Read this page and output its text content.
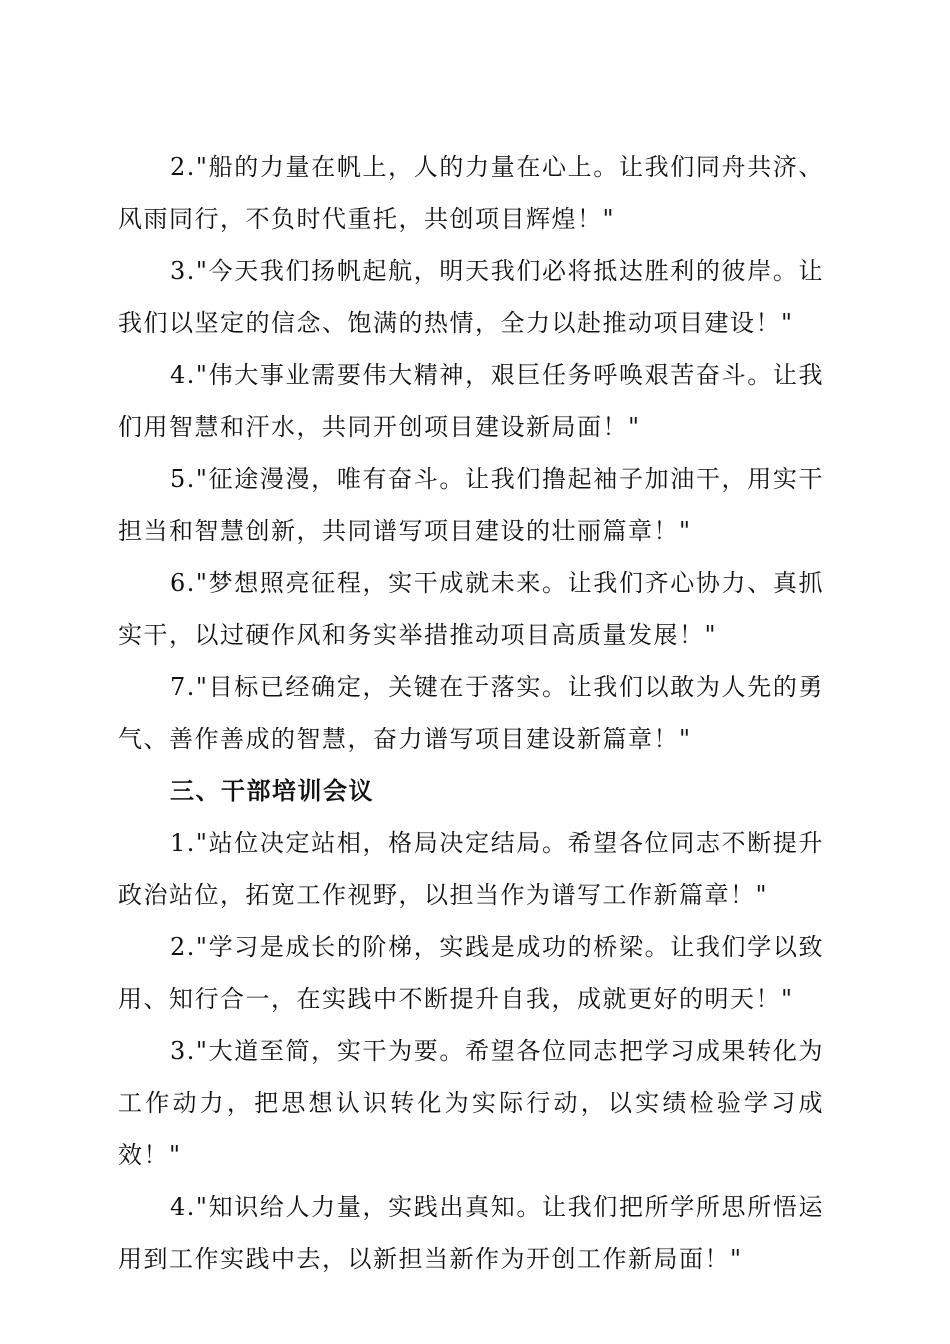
2."船的力量在帆上，人的力量在心上。让我们同舟共济、风雨同行，不负时代重托，共创项目辉煌！"

3."今天我们扬帆起航，明天我们必将抵达胜利的彼岸。让我们以坚定的信念、饱满的热情，全力以赴推动项目建设！"

4."伟大事业需要伟大精神，艰巨任务呼唤艰苦奋斗。让我们用智慧和汗水，共同开创项目建设新局面！"

5."征途漫漫，唯有奋斗。让我们撸起袖子加油干，用实干担当和智慧创新，共同谱写项目建设的壮丽篇章！"

6."梦想照亮征程，实干成就未来。让我们齐心协力、真抓实干，以过硬作风和务实举措推动项目高质量发展！"

7."目标已经确定，关键在于落实。让我们以敢为人先的勇气、善作善成的智慧，奋力谱写项目建设新篇章！"

三、干部培训会议

1."站位决定站相，格局决定结局。希望各位同志不断提升政治站位，拓宽工作视野，以担当作为谱写工作新篇章！"

2."学习是成长的阶梯，实践是成功的桥梁。让我们学以致用、知行合一，在实践中不断提升自我，成就更好的明天！"

3."大道至简，实干为要。希望各位同志把学习成果转化为工作动力，把思想认识转化为实际行动，以实绩检验学习成效！"

4."知识给人力量，实践出真知。让我们把所学所思所悟运用到工作实践中去，以新担当新作为开创工作新局面！"
